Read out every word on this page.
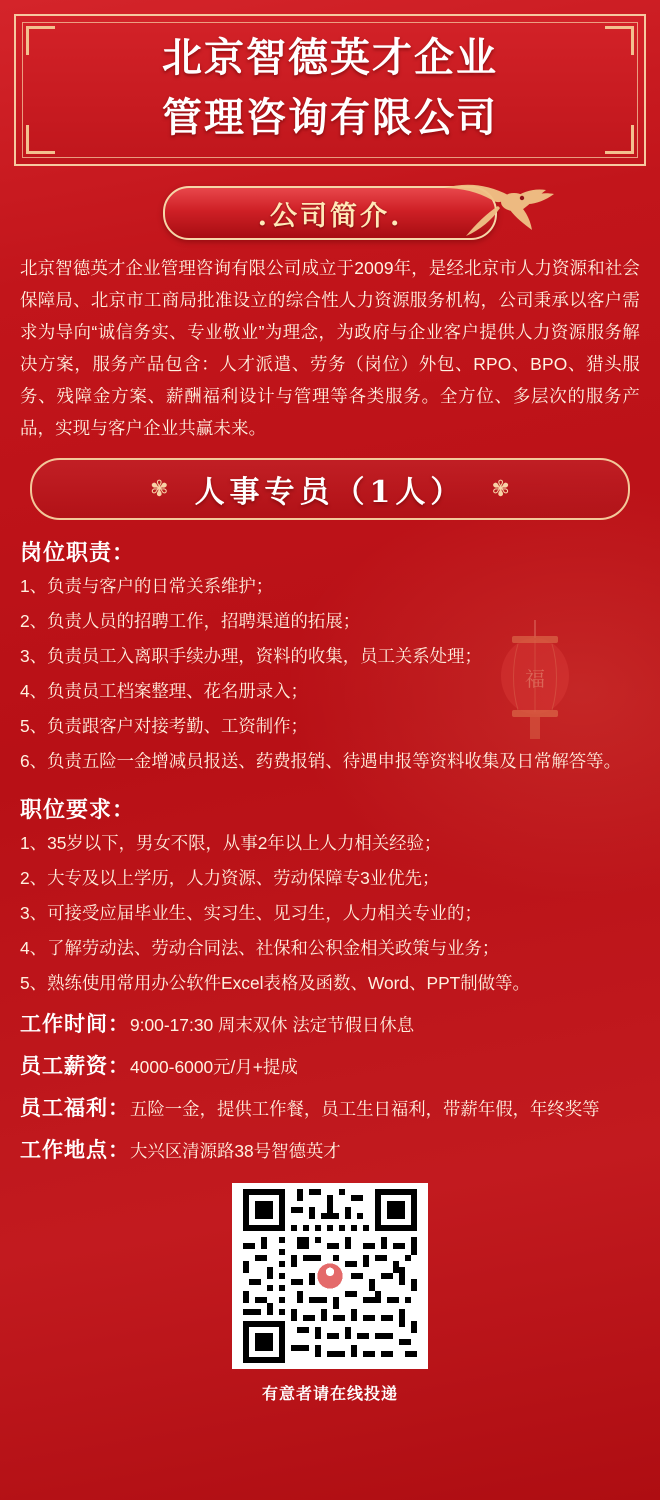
北京智德英才企业
管理咨询有限公司
.公司简介.

北京智德英才企业管理咨询有限公司成立于2009年，是经北京市人力资源和社会保障局、北京市工商局批准设立的综合性人力资源服务机构，公司秉承以客户需求为导向“诚信务实、专业敬业”为理念，为政府与企业客户提供人力资源服务解决方案，服务产品包含：人才派遣、劳务（岗位）外包、RPO、BPO、猎头服务、残障金方案、薪酬福利设计与管理等各类服务。全方位、多层次的服务产品，实现与客户企业共赢未来。

✾ 人事专员（1人） ✾
福
岗位职责：
1、负责与客户的日常关系维护；
2、负责人员的招聘工作，招聘渠道的拓展；
3、负责员工入离职手续办理，资料的收集，员工关系处理；
4、负责员工档案整理、花名册录入；
5、负责跟客户对接考勤、工资制作；
6、负责五险一金增减员报送、药费报销、待遇申报等资料收集及日常解答等。
职位要求：
1、35岁以下，男女不限，从事2年以上人力相关经验；
2、大专及以上学历，人力资源、劳动保障专3业优先；
3、可接受应届毕业生、实习生、见习生，人力相关专业的；
4、了解劳动法、劳动合同法、社保和公积金相关政策与业务；
5、熟练使用常用办公软件Excel表格及函数、Word、PPT制做等。
工作时间：9:00-17:30 周末双休 法定节假日休息
员工薪资：4000-6000元/月+提成
员工福利：五险一金，提供工作餐，员工生日福利，带薪年假，年终奖等
工作地点：大兴区清源路38号智德英才
有意者请在线投递
